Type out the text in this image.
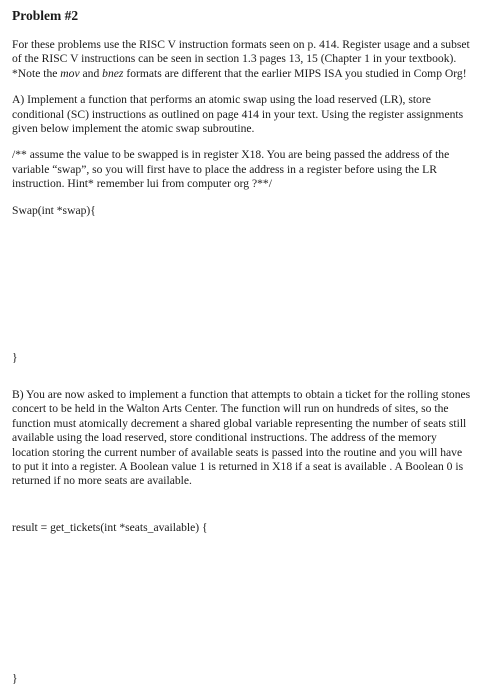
Problem #2

For these problems use the RISC V instruction formats seen on p. 414. Register usage and a subset of the RISC V instructions can be seen in section 1.3 pages 13, 15 (Chapter 1 in your textbook). *Note the mov and bnez formats are different that the earlier MIPS ISA you studied in Comp Org!

A) Implement a function that performs an atomic swap using the load reserved (LR), store conditional (SC) instructions as outlined on page 414 in your text. Using the register assignments given below implement the atomic swap subroutine.

/** assume the value to be swapped is in register X18. You are being passed the address of the variable “swap”, so you will first have to place the address in a register before using the LR instruction. Hint* remember lui from computer org ?**/

Swap(int *swap){

}

B) You are now asked to implement a function that attempts to obtain a ticket for the rolling stones concert to be held in the Walton Arts Center. The function will run on hundreds of sites, so the function must atomically decrement a shared global variable representing the number of seats still available using the load reserved, store conditional instructions. The address of the memory location storing the current number of available seats is passed into the routine and you will have to put it into a register. A Boolean value 1 is returned in X18 if a seat is available . A Boolean 0 is returned if no more seats are available.

result = get_tickets(int *seats_available) {

}
